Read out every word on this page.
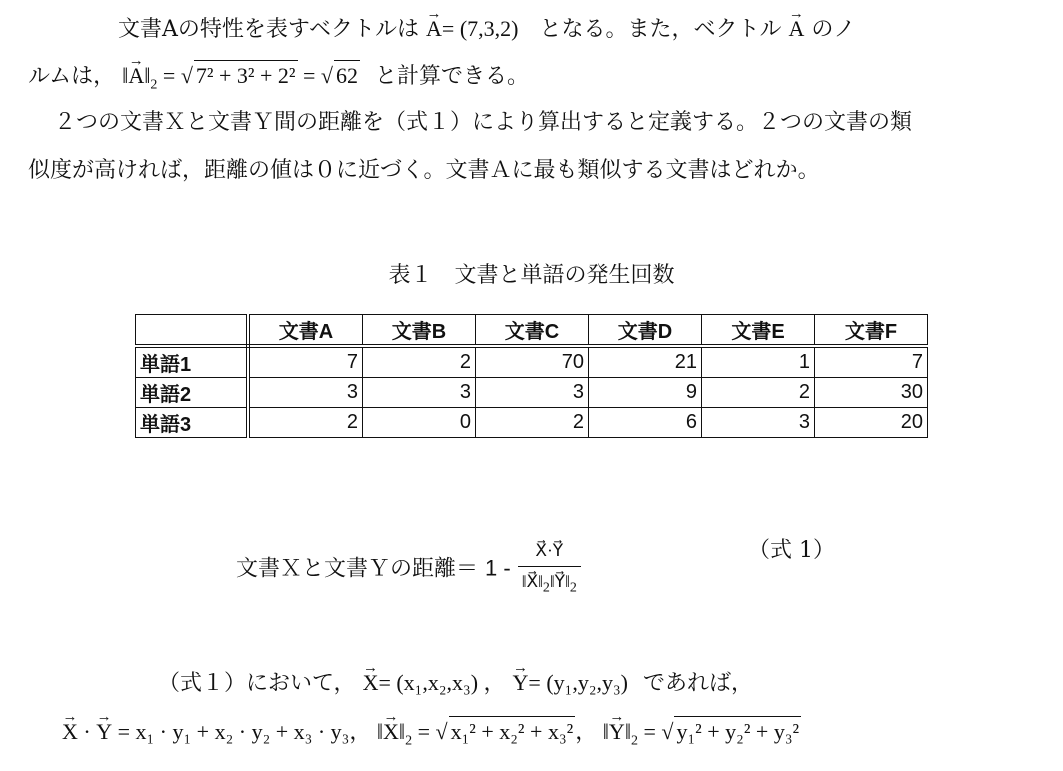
文書Aの特性を表すベクトルは → A= (7,3,2) となる。また，ベクトル → A のノ
ルムは， ‖→ $A‖_2$ = √ 7² + 3² + 2² = √ 62 と計算できる。
２つの文書Ｘと文書Ｙ間の距離を（式１）により算出すると定義する。２つの文書の類
似度が高ければ，距離の値は０に近づく。文書Ａに最も類似する文書はどれか。
表１　文書と単語の発生回数
	文書A	文書B	文書C	文書D	文書E	文書F
単語1	7	2	70	21	1	7
単語2	3	3	3	9	2	30
単語3	2	0	2	6	3	20
文書Ｘと文書Ｙの距離＝ $1 - \frac{X⃗\cdot Y⃗}{‖X⃗‖_2‖Y⃗‖_2}$	（式 1）
（式１）において， → X= (x₁,x₂,x₃) ， → Y= (y₁,y₂,y₃) であれば，
→ X · → Y = x₁ · y₁ + x₂ · y₂ + x₃ · y₃， ‖→ $X‖_2$ = √ x₁² + x₂² + x₃²， ‖→ $Y‖_2$ = √ y₁² + y₂² + y₃²
